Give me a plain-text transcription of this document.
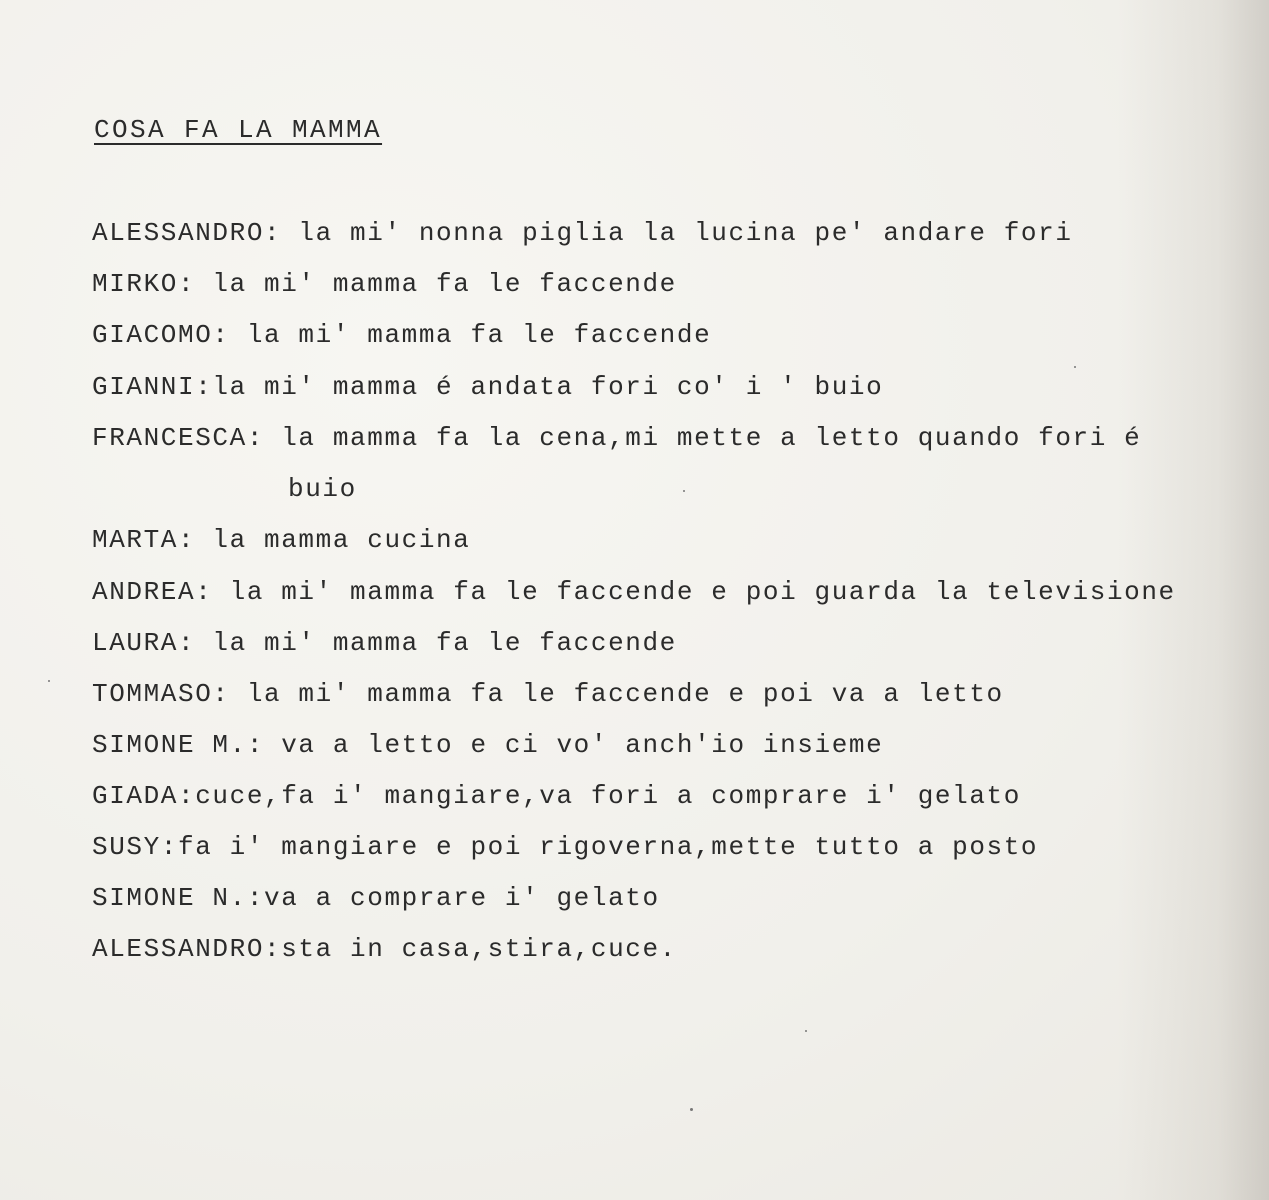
COSA FA LA MAMMA
ALESSANDRO: la mi' nonna piglia la lucina pe' andare fori
MIRKO: la mi' mamma fa le faccende
GIACOMO: la mi' mamma fa le faccende
GIANNI:la mi' mamma é andata fori co' i ' buio
FRANCESCA: la mamma fa la cena,mi mette a letto quando fori é
buio
MARTA: la mamma cucina
ANDREA: la mi' mamma fa le faccende e poi guarda la televisione
LAURA: la mi' mamma fa le faccende
TOMMASO: la mi' mamma fa le faccende e poi va a letto
SIMONE M.: va a letto e ci vo' anch'io insieme
GIADA:cuce,fa i' mangiare,va fori a comprare i' gelato
SUSY:fa i' mangiare e poi rigoverna,mette tutto a posto
SIMONE N.:va a comprare i' gelato
ALESSANDRO:sta in casa,stira,cuce.
